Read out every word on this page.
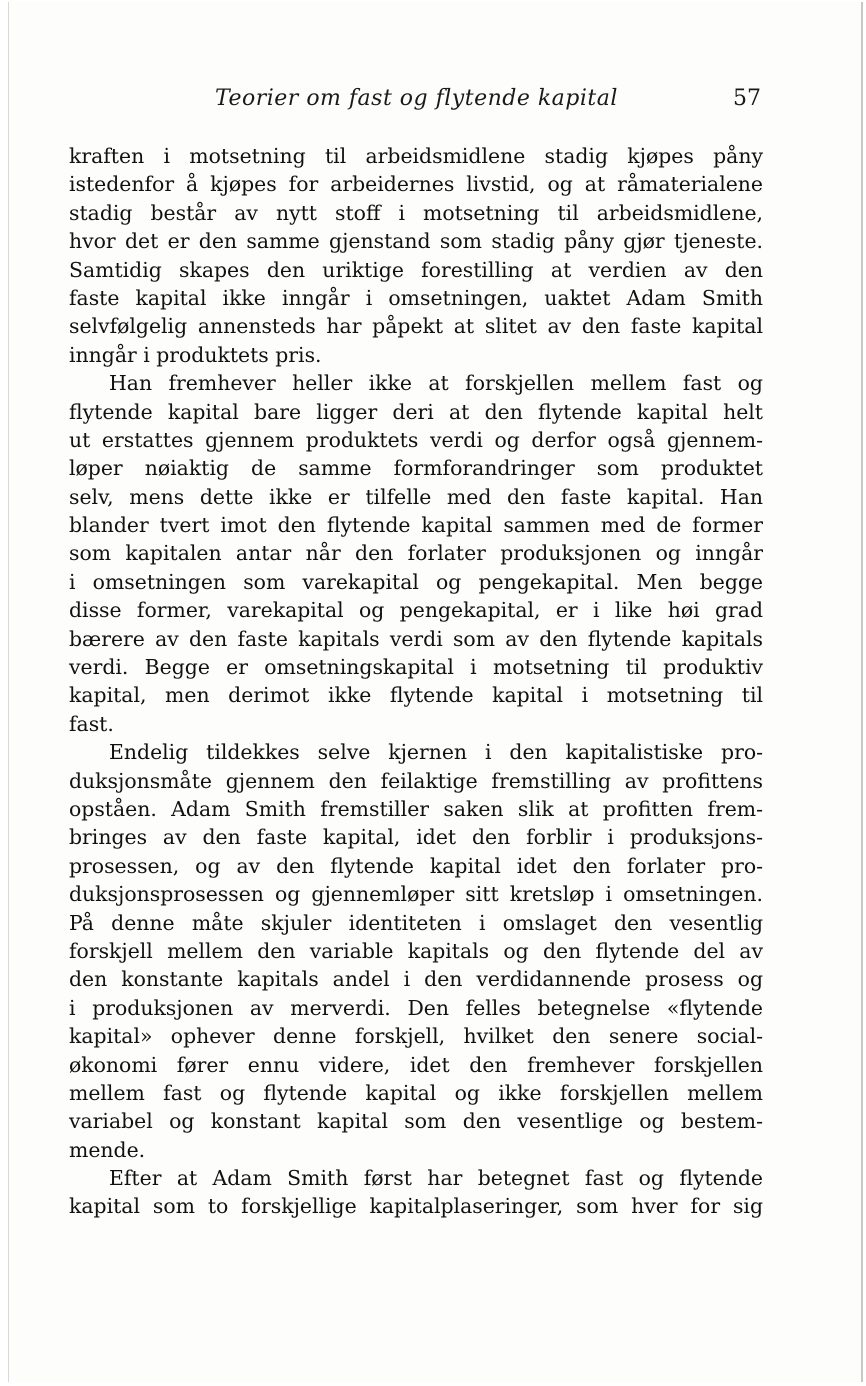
Teorier om fast og flytende kapital	57
kraften i motsetning til arbeidsmidlene stadig kjøpes påny
istedenfor å kjøpes for arbeidernes livstid, og at råmaterialene
stadig består av nytt stoff i motsetning til arbeidsmidlene,
hvor det er den samme gjenstand som stadig påny gjør tjeneste.
Samtidig skapes den uriktige forestilling at verdien av den
faste kapital ikke inngår i omsetningen, uaktet Adam Smith
selvfølgelig annensteds har påpekt at slitet av den faste kapital
inngår i produktets pris.
Han fremhever heller ikke at forskjellen mellem fast og
flytende kapital bare ligger deri at den flytende kapital helt
ut erstattes gjennem produktets verdi og derfor også gjennem-
løper nøiaktig de samme formforandringer som produktet
selv, mens dette ikke er tilfelle med den faste kapital. Han
blander tvert imot den flytende kapital sammen med de former
som kapitalen antar når den forlater produksjonen og inngår
i omsetningen som varekapital og pengekapital. Men begge
disse former, varekapital og pengekapital, er i like høi grad
bærere av den faste kapitals verdi som av den flytende kapitals
verdi. Begge er omsetningskapital i motsetning til produktiv
kapital, men derimot ikke flytende kapital i motsetning til
fast.
Endelig tildekkes selve kjernen i den kapitalistiske pro-
duksjonsmåte gjennem den feilaktige fremstilling av profittens
opståen. Adam Smith fremstiller saken slik at profitten frem-
bringes av den faste kapital, idet den forblir i produksjons-
prosessen, og av den flytende kapital idet den forlater pro-
duksjonsprosessen og gjennemløper sitt kretsløp i omsetningen.
På denne måte skjuler identiteten i omslaget den vesentlig
forskjell mellem den variable kapitals og den flytende del av
den konstante kapitals andel i den verdidannende prosess og
i produksjonen av merverdi. Den felles betegnelse «flytende
kapital» ophever denne forskjell, hvilket den senere social-
økonomi fører ennu videre, idet den fremhever forskjellen
mellem fast og flytende kapital og ikke forskjellen mellem
variabel og konstant kapital som den vesentlige og bestem-
mende.
Efter at Adam Smith først har betegnet fast og flytende
kapital som to forskjellige kapitalplaseringer, som hver for sig
